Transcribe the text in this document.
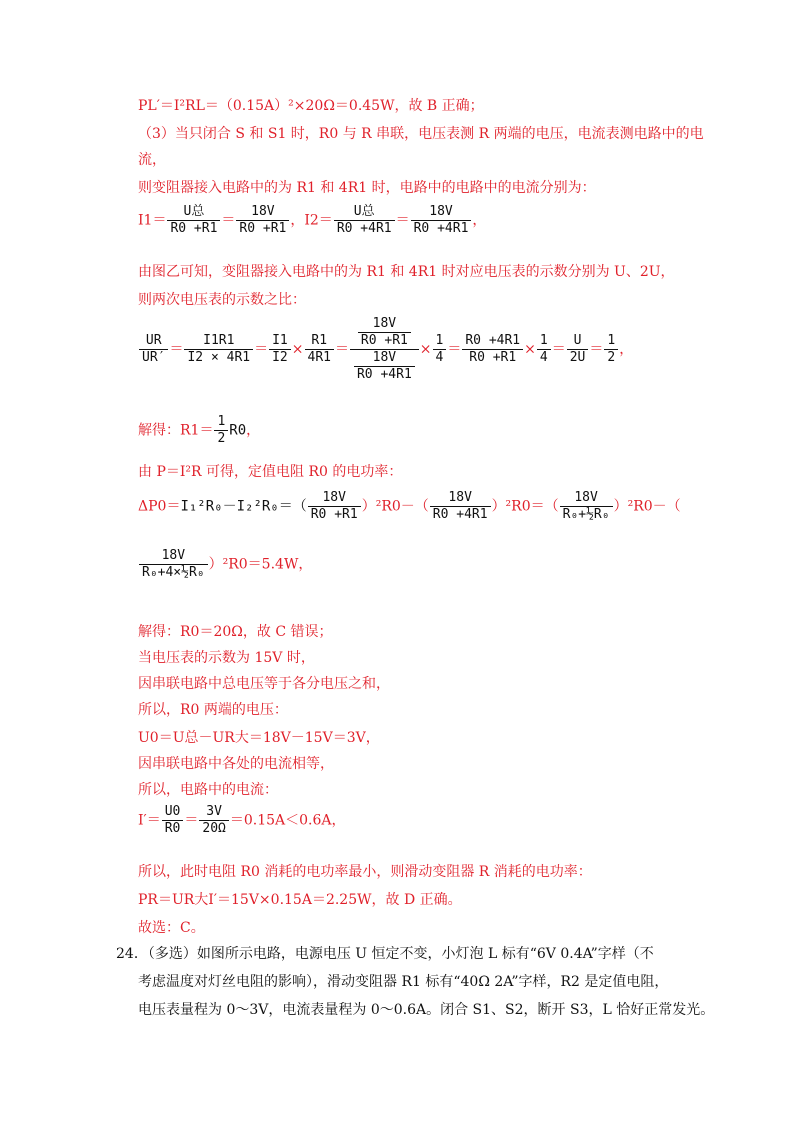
PL′＝I²RL＝（0.15A）²×20Ω＝0.45W，故 B 正确；
（3）当只闭合 S 和 S1 时，R0 与 R 串联，电压表测 R 两端的电压，电流表测电路中的电
流，
则变阻器接入电路中的为 R1 和 4R1 时，电路中的电路中的电流分别为：
$I1= \frac{\text{U总}}{R0 +R1} = \frac{18V}{R0 +R1}$ ，$I2= \frac{\text{U总}}{R0 +4R1} = \frac{18V}{R0 +4R1}$ ，
由图乙可知，变阻器接入电路中的为 R1 和 4R1 时对应电压表的示数分别为 U、2U，
则两次电压表的示数之比：
$\frac{UR}{UR'} = \frac{I1R1}{I2 \times 4R1} = \frac{I1}{I2} \times \frac{R1}{4R1} = \frac{\frac{18V}{R0 +R1}}{\frac{18V}{R0 +4R1}} \times \frac{1}{4} = \frac{R0 +4R1}{R0 +R1} \times \frac{1}{4} = \frac{U}{2U} = \frac{1}{2}$ ，
解得：$R1= \frac{1}{2} R0$，
由 P＝I²R 可得，定值电阻 R0 的电功率：
$\Delta P0=I_1^2R_0-I_2^2R_0=( \frac{18V}{R0 +R1} )^2R0-( \frac{18V}{R0 +4R1} )^2R0=( \frac{18V}{\text{R₀+½R₀}} )^2R0-$（
$\frac{18V}{\text{R₀+4×½R₀}} )^2R0=5.4W$，
解得：R0＝20Ω，故 C 错误；
当电压表的示数为 15V 时，
因串联电路中总电压等于各分电压之和，
所以，R0 两端的电压：
U0＝U总－UR大＝18V－15V＝3V，
因串联电路中各处的电流相等，
所以，电路中的电流：
$I'= \frac{U0}{R0} = \frac{3V}{20\Omega} =0.15A<0.6A$，
所以，此时电阻 R0 消耗的电功率最小，则滑动变阻器 R 消耗的电功率：
PR＝UR大I′＝15V×0.15A＝2.25W，故 D 正确。
故选：C。
24．（多选）如图所示电路，电源电压 U 恒定不变，小灯泡 L 标有“6V 0.4A”字样（不
考虑温度对灯丝电阻的影响），滑动变阻器 R1 标有“40Ω 2A”字样，R2 是定值电阻，
电压表量程为 0～3V，电流表量程为 0～0.6A。闭合 S1、S2，断开 S3，L 恰好正常发光。
